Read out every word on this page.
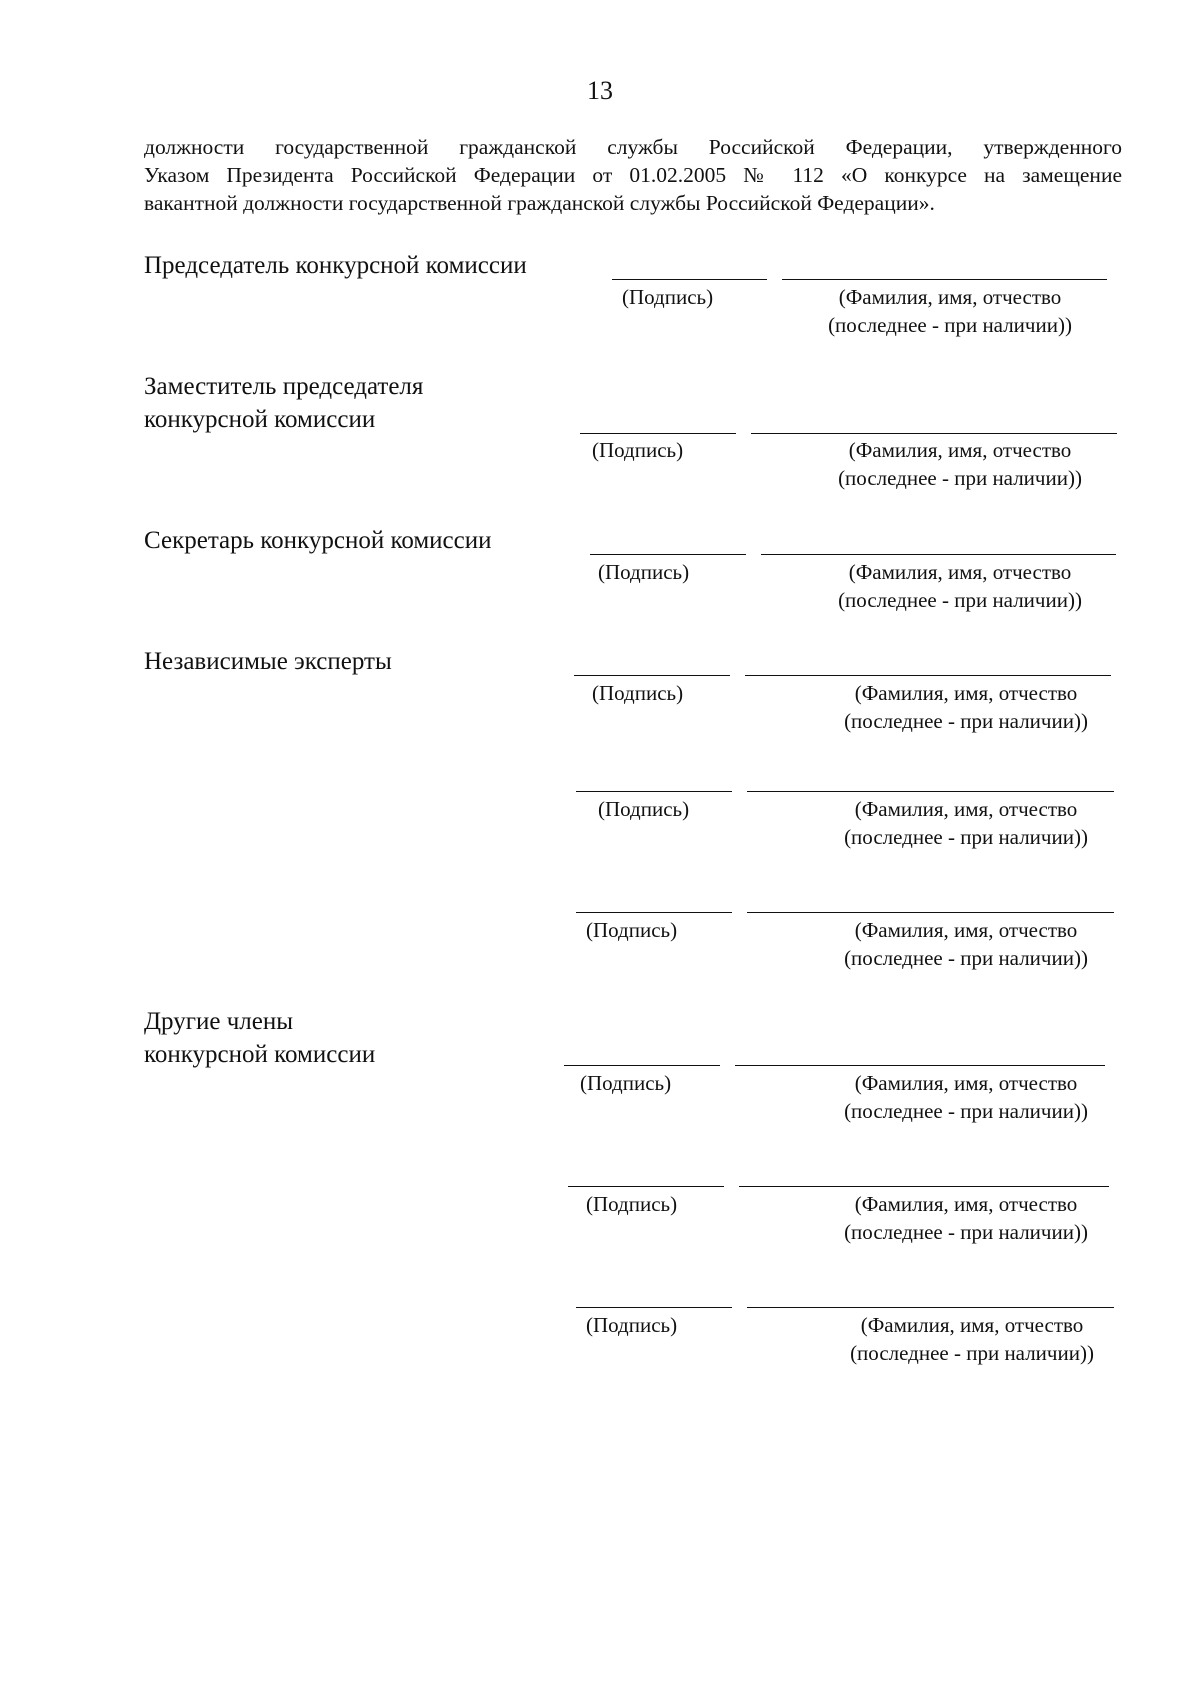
13
должности государственной гражданской службы Российской Федерации, утвержденного
Указом Президента Российской Федерации от 01.02.2005 № 112 «О конкурсе на замещение
вакантной должности государственной гражданской службы Российской Федерации».
Председатель конкурсной комиссии
(Подпись)	(Фамилия, имя, отчество
(последнее - при наличии))
Заместитель председателя
конкурсной комиссии
(Подпись)	(Фамилия, имя, отчество
(последнее - при наличии))
Секретарь конкурсной комиссии
(Подпись)	(Фамилия, имя, отчество
(последнее - при наличии))
Независимые эксперты
(Подпись)	(Фамилия, имя, отчество
(последнее - при наличии))
(Подпись)	(Фамилия, имя, отчество
(последнее - при наличии))
(Подпись)	(Фамилия, имя, отчество
(последнее - при наличии))
Другие члены
конкурсной комиссии
(Подпись)	(Фамилия, имя, отчество
(последнее - при наличии))
(Подпись)	(Фамилия, имя, отчество
(последнее - при наличии))
(Подпись)	(Фамилия, имя, отчество
(последнее - при наличии))
